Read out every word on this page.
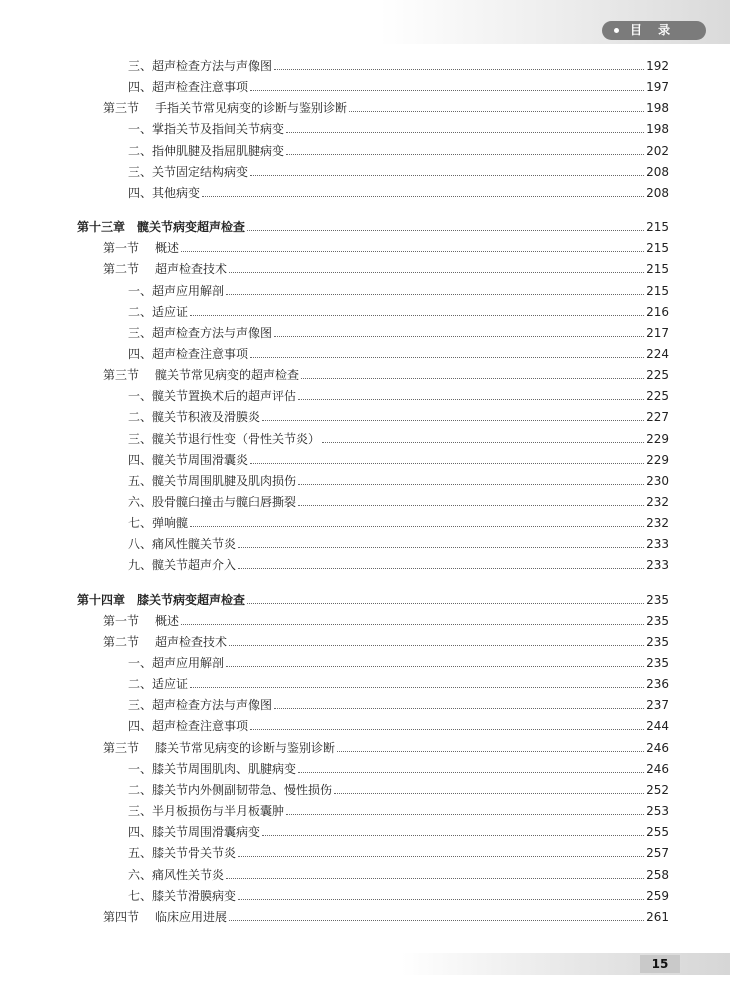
目 录
三、超声检查方法与声像图	192
四、超声检查注意事项	197
第三节 手指关节常见病变的诊断与鉴别诊断	198
一、掌指关节及指间关节病变	198
二、指伸肌腱及指屈肌腱病变	202
三、关节固定结构病变	208
四、其他病变	208
第十三章　髋关节病变超声检查	215
第一节 概述	215
第二节 超声检查技术	215
一、超声应用解剖	215
二、适应证	216
三、超声检查方法与声像图	217
四、超声检查注意事项	224
第三节 髋关节常见病变的超声检查	225
一、髋关节置换术后的超声评估	225
二、髋关节积液及滑膜炎	227
三、髋关节退行性变（骨性关节炎）	229
四、髋关节周围滑囊炎	229
五、髋关节周围肌腱及肌肉损伤	230
六、股骨髋臼撞击与髋臼唇撕裂	232
七、弹响髋	232
八、痛风性髋关节炎	233
九、髋关节超声介入	233
第十四章　膝关节病变超声检查	235
第一节 概述	235
第二节 超声检查技术	235
一、超声应用解剖	235
二、适应证	236
三、超声检查方法与声像图	237
四、超声检查注意事项	244
第三节 膝关节常见病变的诊断与鉴别诊断	246
一、膝关节周围肌肉、肌腱病变	246
二、膝关节内外侧副韧带急、慢性损伤	252
三、半月板损伤与半月板囊肿	253
四、膝关节周围滑囊病变	255
五、膝关节骨关节炎	257
六、痛风性关节炎	258
七、膝关节滑膜病变	259
第四节 临床应用进展	261
15
